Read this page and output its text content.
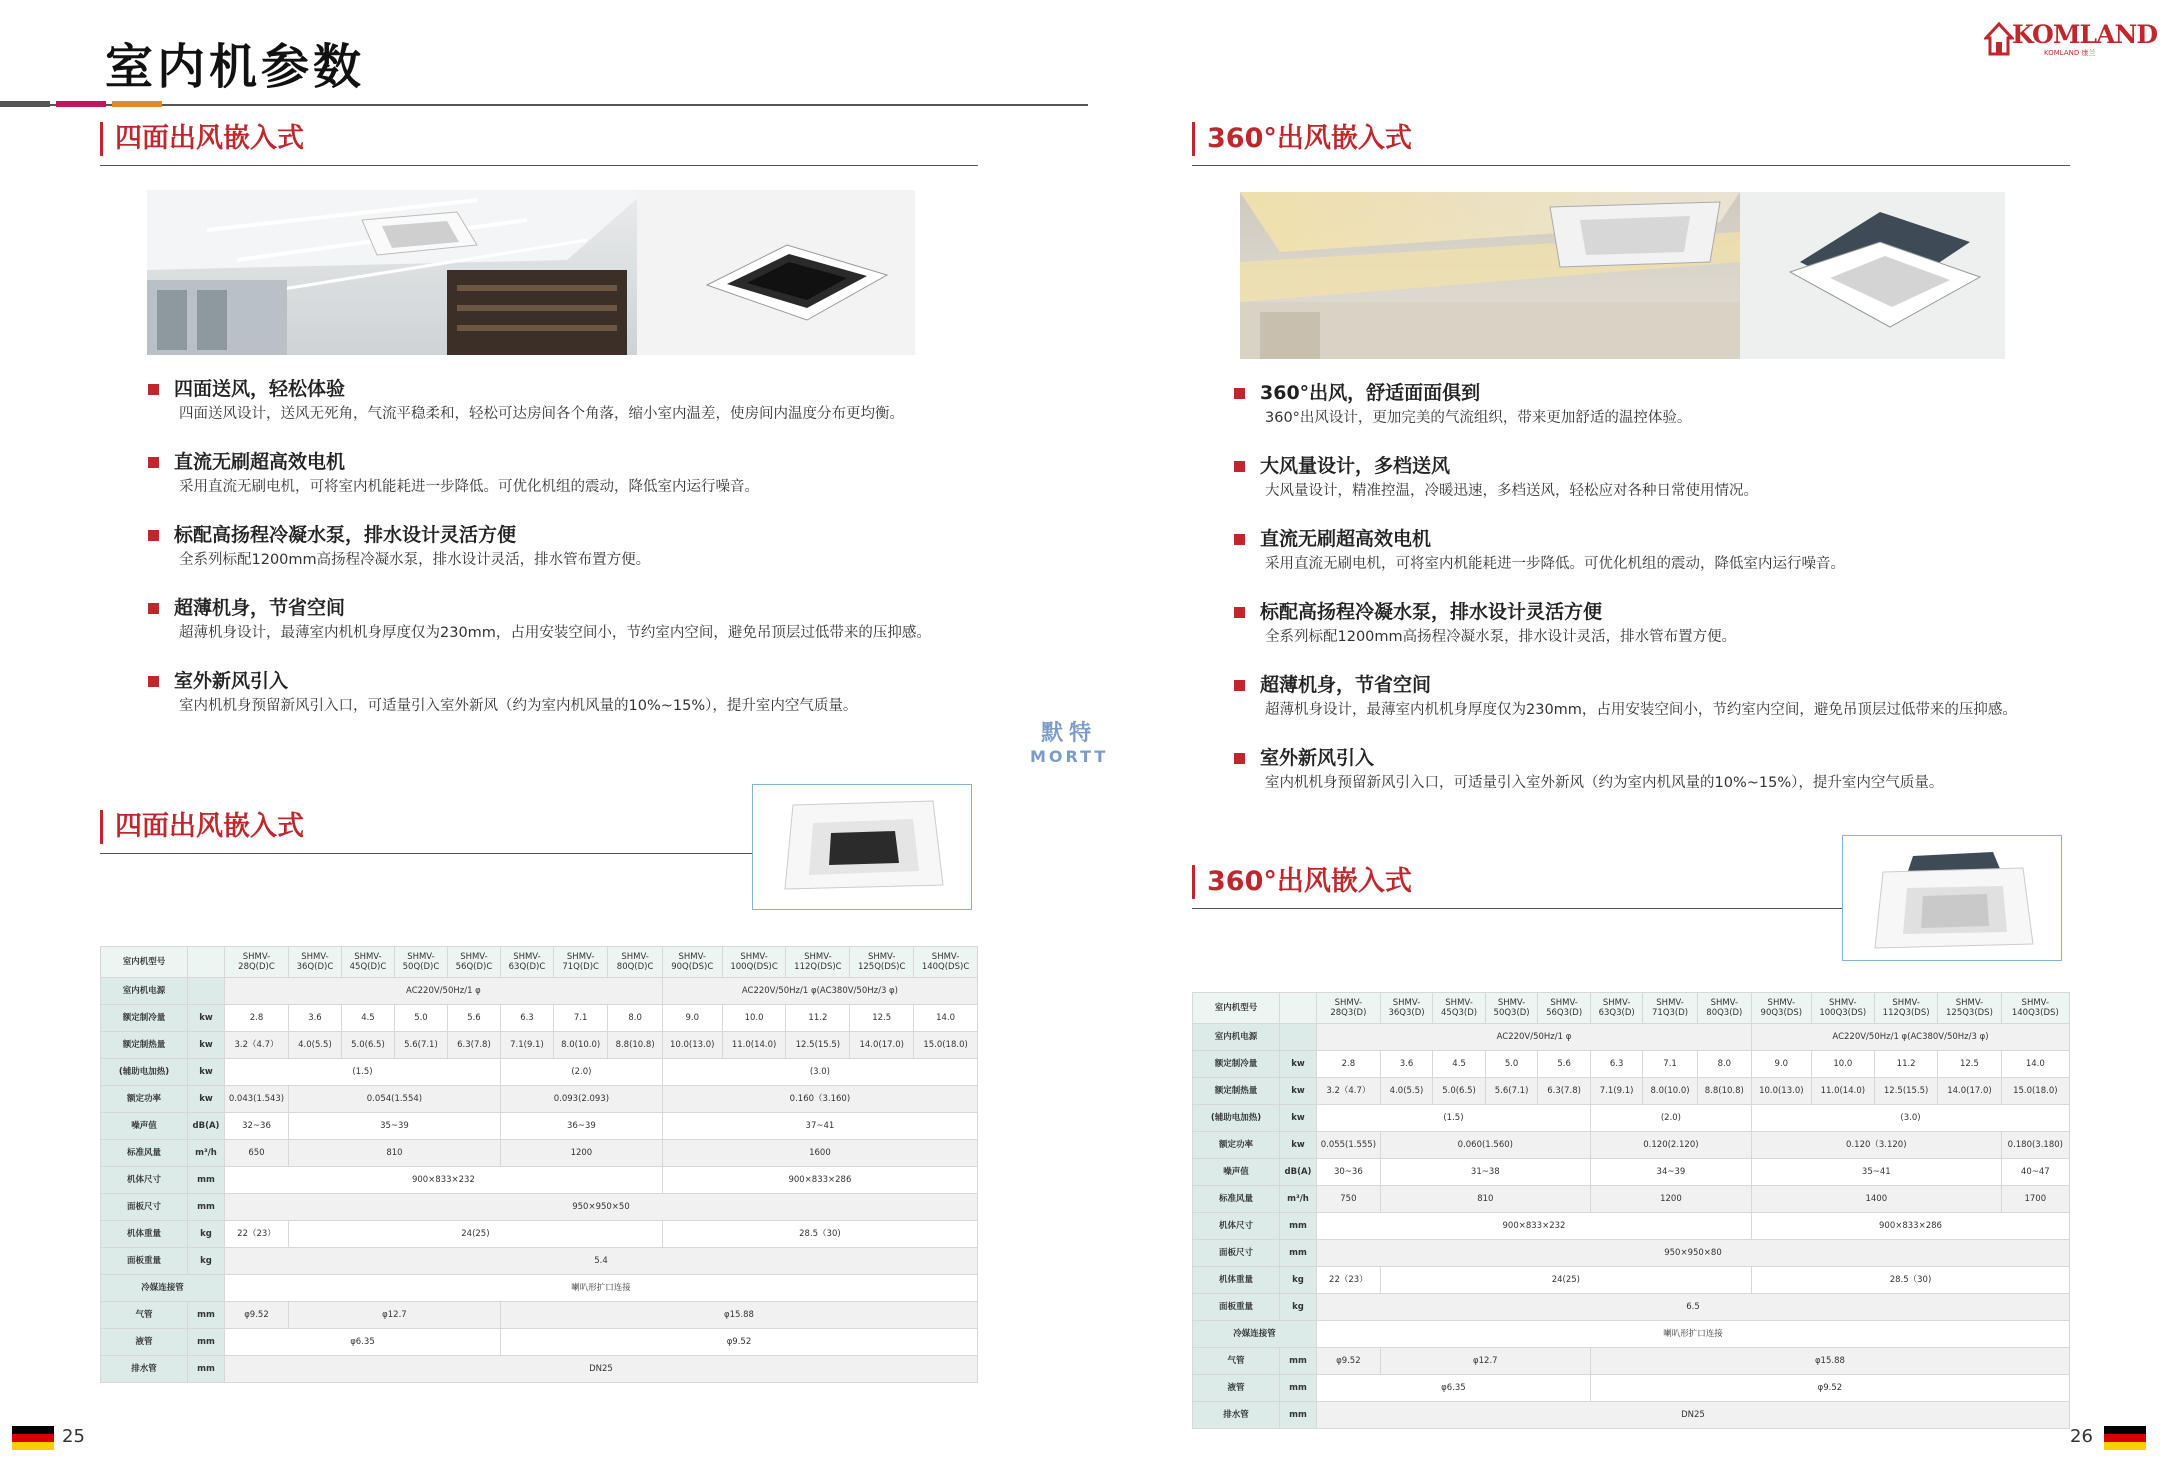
室内机参数
KOMLAND
KOMLAND 康兰
四面出风嵌入式
四面送风，轻松体验
四面送风设计，送风无死角，气流平稳柔和，轻松可达房间各个角落，缩小室内温差，使房间内温度分布更均衡。
直流无刷超高效电机
采用直流无刷电机，可将室内机能耗进一步降低。可优化机组的震动，降低室内运行噪音。
标配高扬程冷凝水泵，排水设计灵活方便
全系列标配1200mm高扬程冷凝水泵，排水设计灵活，排水管布置方便。
超薄机身，节省空间
超薄机身设计，最薄室内机机身厚度仅为230mm，占用安装空间小，节约室内空间，避免吊顶层过低带来的压抑感。
室外新风引入
室内机机身预留新风引入口，可适量引入室外新风（约为室内机风量的10%~15%），提升室内空气质量。
默特
MORTT
四面出风嵌入式
室内机型号		SHMV-28Q(D)C	SHMV-36Q(D)C	SHMV-45Q(D)C	SHMV-50Q(D)C	SHMV-56Q(D)C	SHMV-63Q(D)C	SHMV-71Q(D)C	SHMV-80Q(D)C	SHMV-90Q(DS)C	SHMV-100Q(DS)C	SHMV-112Q(DS)C	SHMV-125Q(DS)C	SHMV-140Q(DS)C
室内机电源		AC220V/50Hz/1 φ								AC220V/50Hz/1 φ(AC380V/50Hz/3 φ)				
额定制冷量	kw	2.8	3.6	4.5	5.0	5.6	6.3	7.1	8.0	9.0	10.0	11.2	12.5	14.0
额定制热量	kw	3.2（4.7）	4.0(5.5)	5.0(6.5)	5.6(7.1)	6.3(7.8)	7.1(9.1)	8.0(10.0)	8.8(10.8)	10.0(13.0)	11.0(14.0)	12.5(15.5)	14.0(17.0)	15.0(18.0)
(辅助电加热)	kw	(1.5)					(2.0)			(3.0)				
额定功率	kw	0.043(1.543)	0.054(1.554)				0.093(2.093)			0.160（3.160)				
噪声值	dB(A)	32~36	35~39				36~39			37~41				
标准风量	m³/h	650	810				1200			1600				
机体尺寸	mm	900×833×232								900×833×286				
面板尺寸	mm	950×950×50												
机体重量	kg	22（23）	24(25)							28.5（30)				
面板重量	kg	5.4												
冷媒连接管		喇叭形扩口连接												
气管	mm	φ9.52	φ12.7				φ15.88							
液管	mm	φ6.35					φ9.52							
排水管	mm	DN25												
25
360°出风嵌入式
360°出风，舒适面面俱到
360°出风设计，更加完美的气流组织，带来更加舒适的温控体验。
大风量设计，多档送风
大风量设计，精准控温，冷暖迅速，多档送风，轻松应对各种日常使用情况。
直流无刷超高效电机
采用直流无刷电机，可将室内机能耗进一步降低。可优化机组的震动，降低室内运行噪音。
标配高扬程冷凝水泵，排水设计灵活方便
全系列标配1200mm高扬程冷凝水泵，排水设计灵活，排水管布置方便。
超薄机身，节省空间
超薄机身设计，最薄室内机机身厚度仅为230mm，占用安装空间小，节约室内空间，避免吊顶层过低带来的压抑感。
室外新风引入
室内机机身预留新风引入口，可适量引入室外新风（约为室内机风量的10%~15%），提升室内空气质量。
360°出风嵌入式
室内机型号		SHMV-28Q3(D)	SHMV-36Q3(D)	SHMV-45Q3(D)	SHMV-50Q3(D)	SHMV-56Q3(D)	SHMV-63Q3(D)	SHMV-71Q3(D)	SHMV-80Q3(D)	SHMV-90Q3(DS)	SHMV-100Q3(DS)	SHMV-112Q3(DS)	SHMV-125Q3(DS)	SHMV-140Q3(DS)
室内机电源		AC220V/50Hz/1 φ								AC220V/50Hz/1 φ(AC380V/50Hz/3 φ)				
额定制冷量	kw	2.8	3.6	4.5	5.0	5.6	6.3	7.1	8.0	9.0	10.0	11.2	12.5	14.0
额定制热量	kw	3.2（4.7）	4.0(5.5)	5.0(6.5)	5.6(7.1)	6.3(7.8)	7.1(9.1)	8.0(10.0)	8.8(10.8)	10.0(13.0)	11.0(14.0)	12.5(15.5)	14.0(17.0)	15.0(18.0)
(辅助电加热)	kw	(1.5)					(2.0)			(3.0)				
额定功率	kw	0.055(1.555)	0.060(1.560)				0.120(2.120)			0.120（3.120)				0.180(3.180)
噪声值	dB(A)	30~36	31~38				34~39			35~41				40~47
标准风量	m³/h	750	810				1200			1400				1700
机体尺寸	mm	900×833×232								900×833×286				
面板尺寸	mm	950×950×80												
机体重量	kg	22（23）	24(25)							28.5（30)				
面板重量	kg	6.5												
冷媒连接管		喇叭形扩口连接												
气管	mm	φ9.52	φ12.7				φ15.88							
液管	mm	φ6.35					φ9.52							
排水管	mm	DN25												
26
